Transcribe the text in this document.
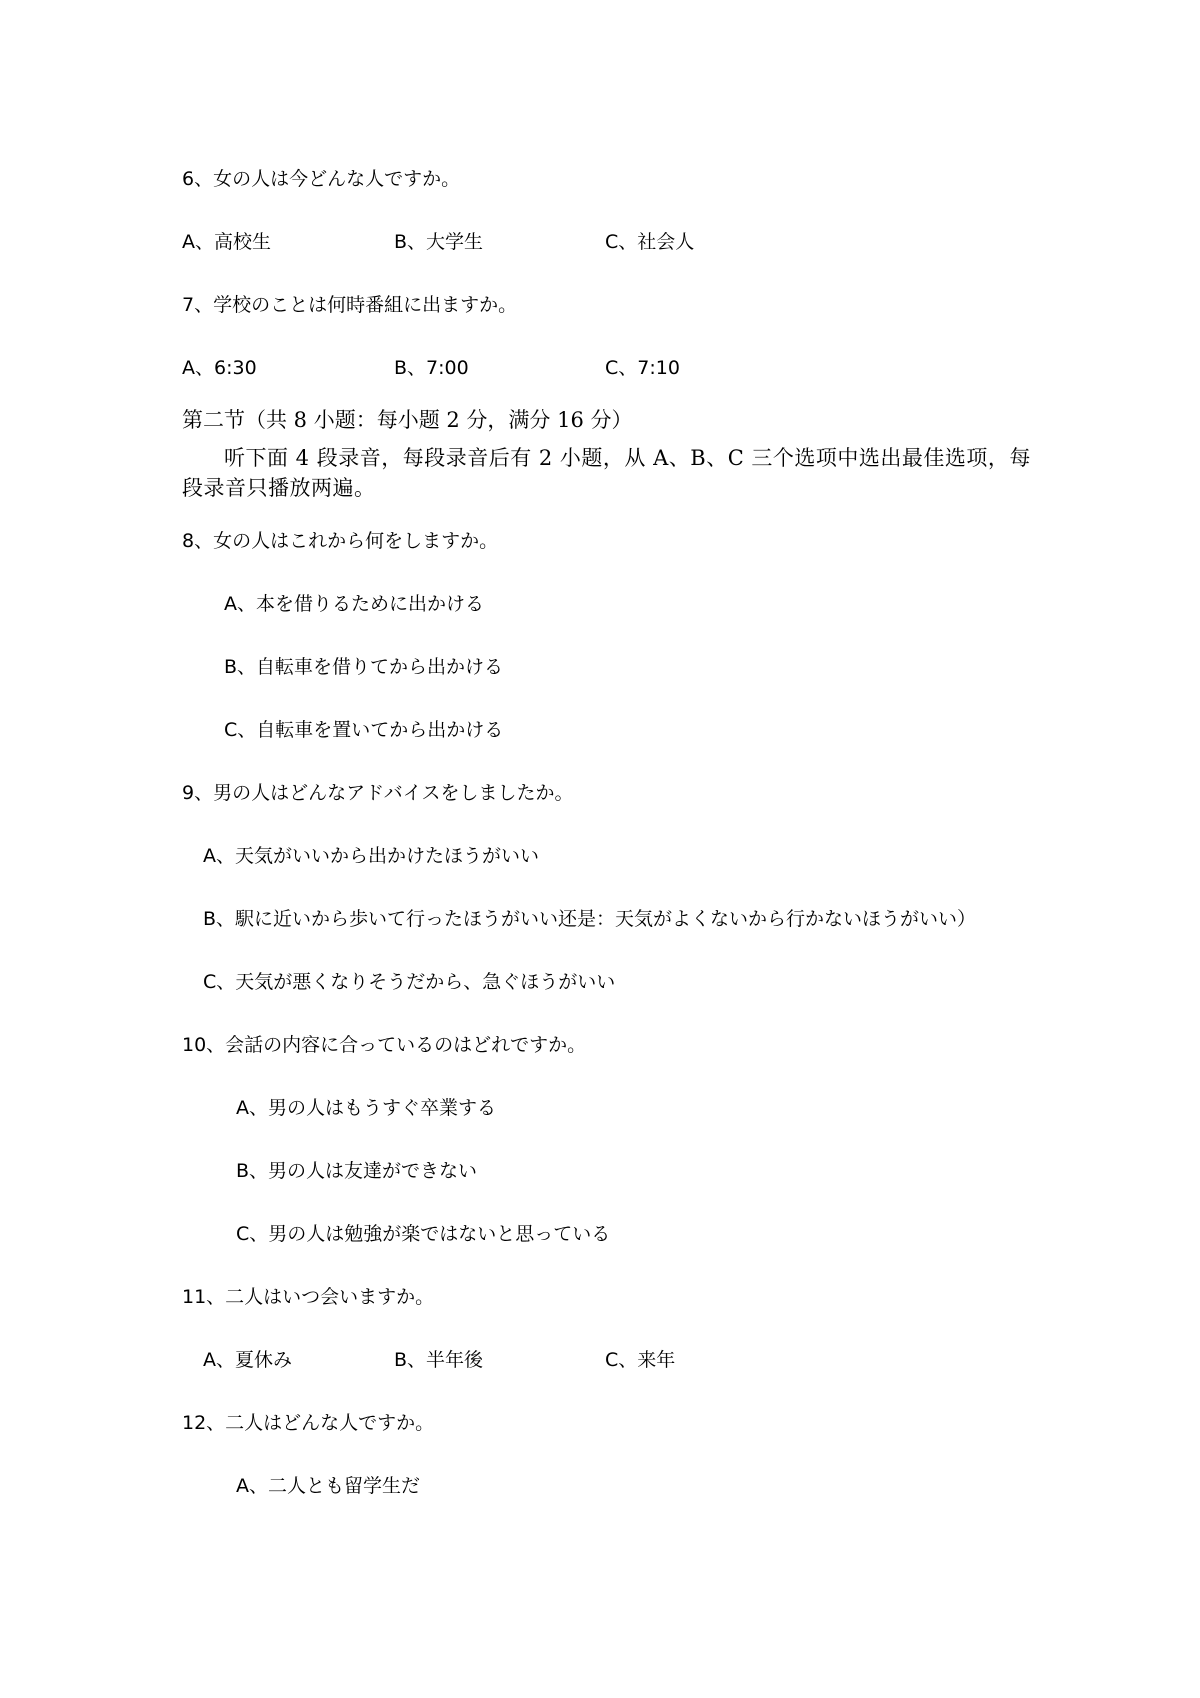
6、女の人は今どんな人ですか。
A、高校生	B、大学生	C、社会人
7、学校のことは何時番組に出ますか。
A、6:30	B、7:00	C、7:10
第二节（共 8 小题：每小题 2 分，满分 16 分）
听下面 4 段录音，每段录音后有 2 小题，从 A、B、C 三个选项中选出最佳选项，每段录音只播放两遍。
8、女の人はこれから何をしますか。
A、本を借りるために出かける
B、自転車を借りてから出かける
C、自転車を置いてから出かける
9、男の人はどんなアドバイスをしましたか。
A、天気がいいから出かけたほうがいい
B、駅に近いから歩いて行ったほうがいい还是：天気がよくないから行かないほうがいい）
C、天気が悪くなりそうだから、急ぐほうがいい
10、会話の内容に合っているのはどれですか。
A、男の人はもうすぐ卒業する
B、男の人は友達ができない
C、男の人は勉強が楽ではないと思っている
11、二人はいつ会いますか。
A、夏休み	B、半年後	C、来年
12、二人はどんな人ですか。
A、二人とも留学生だ
